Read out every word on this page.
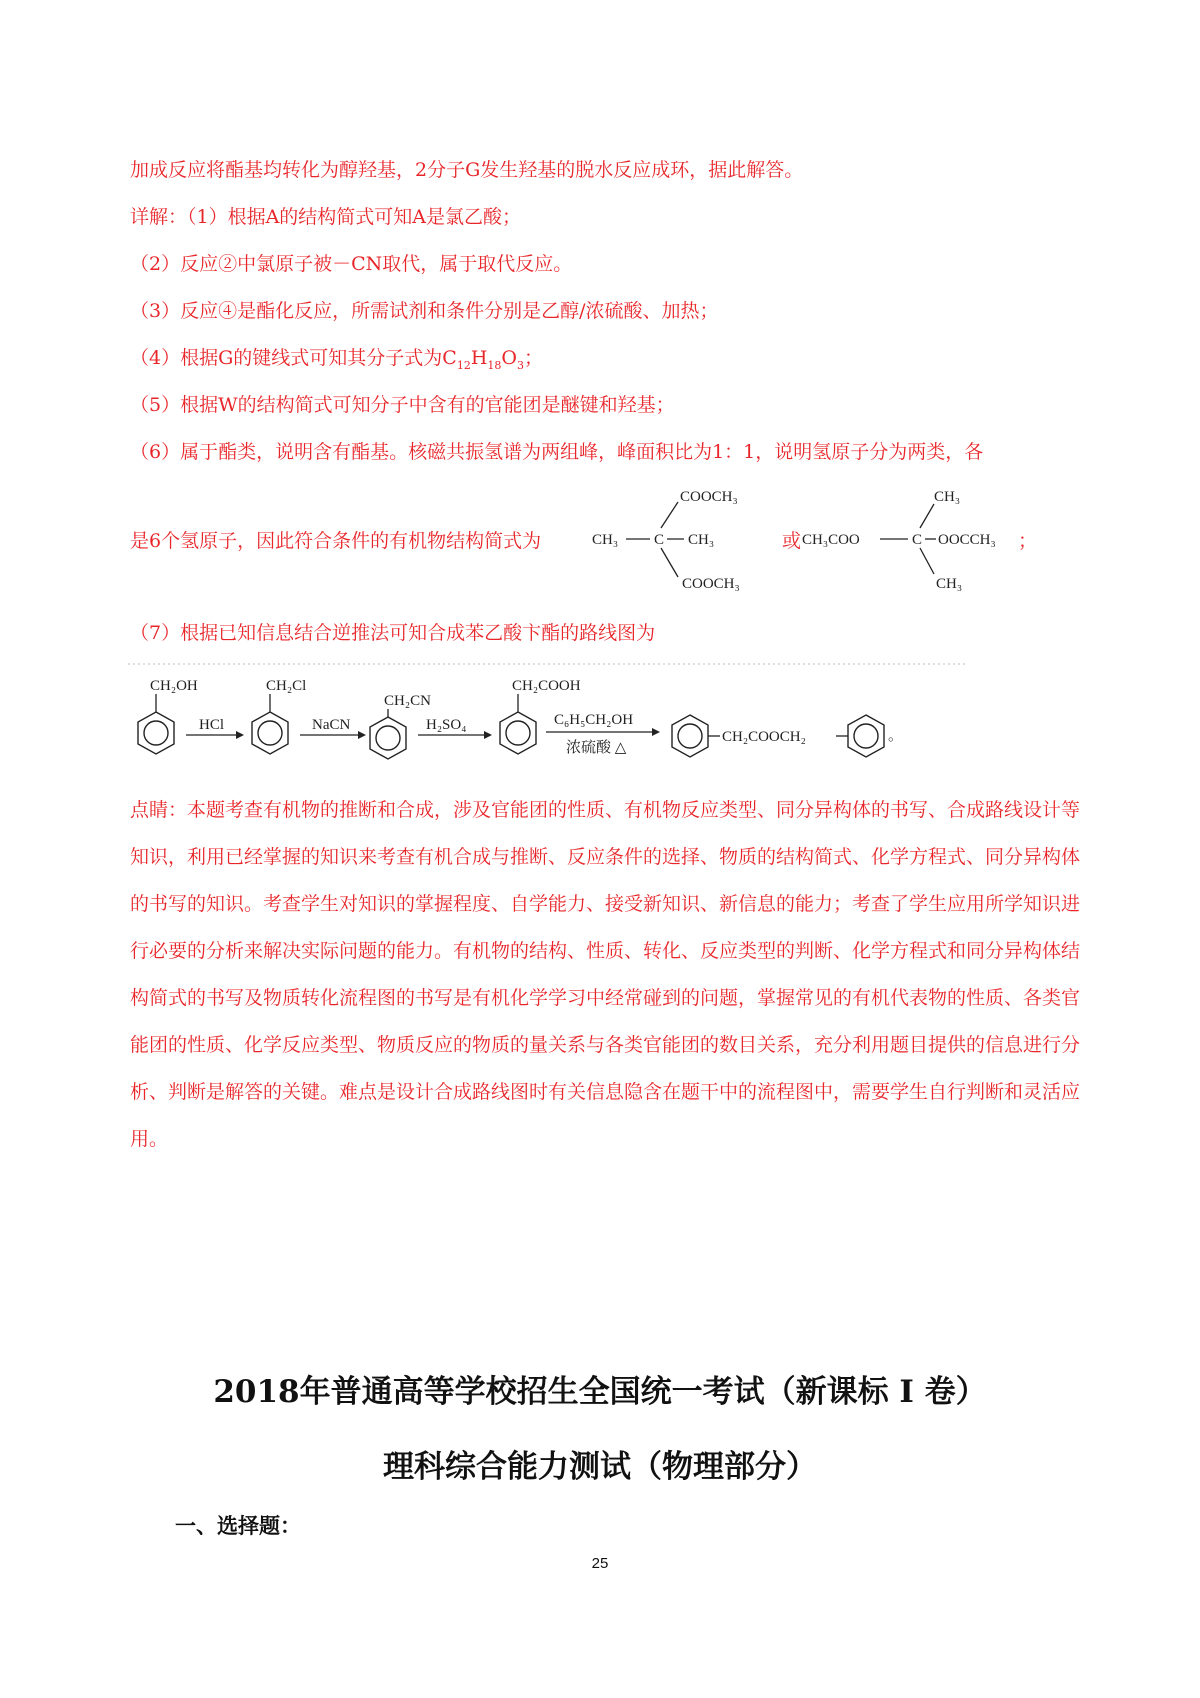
加成反应将酯基均转化为醇羟基，2分子G发生羟基的脱水反应成环，据此解答。
详解：（1）根据A的结构简式可知A是氯乙酸；
（2）反应②中氯原子被－CN取代，属于取代反应。
（3）反应④是酯化反应，所需试剂和条件分别是乙醇/浓硫酸、加热；
（4）根据G的键线式可知其分子式为$C_{12}H_{18}O_3$；
（5）根据W的结构简式可知分子中含有的官能团是醚键和羟基；
（6）属于酯类，说明含有酯基。核磁共振氢谱为两组峰，峰面积比为1：1，说明氢原子分为两类，各
是6个氢原子，因此符合条件的有机物结构简式为	CH₃ C CH₃
COOCH₃
COOCH₃
或 CH₃COO	C OOCCH₃
CH₃
CH₃
；
（7）根据已知信息结合逆推法可知合成苯乙酸卞酯的路线图为
CH₂OH
HCl
CH₂Cl
NaCN
CH₂CN
H₂SO₄
CH₂COOH
C₆H₅CH₂OH
浓硫酸 △
CH₂COOCH₂	。

点睛：本题考查有机物的推断和合成，涉及官能团的性质、有机物反应类型、同分异构体的书写、合成路线设计等知识，利用已经掌握的知识来考查有机合成与推断、反应条件的选择、物质的结构简式、化学方程式、同分异构体的书写的知识。考查学生对知识的掌握程度、自学能力、接受新知识、新信息的能力；考查了学生应用所学知识进行必要的分析来解决实际问题的能力。有机物的结构、性质、转化、反应类型的判断、化学方程式和同分异构体结构简式的书写及物质转化流程图的书写是有机化学学习中经常碰到的问题，掌握常见的有机代表物的性质、各类官能团的性质、化学反应类型、物质反应的物质的量关系与各类官能团的数目关系，充分利用题目提供的信息进行分析、判断是解答的关键。难点是设计合成路线图时有关信息隐含在题干中的流程图中，需要学生自行判断和灵活应用。

2018年普通高等学校招生全国统一考试（新课标 I 卷）
理科综合能力测试（物理部分）
一、选择题：
25
